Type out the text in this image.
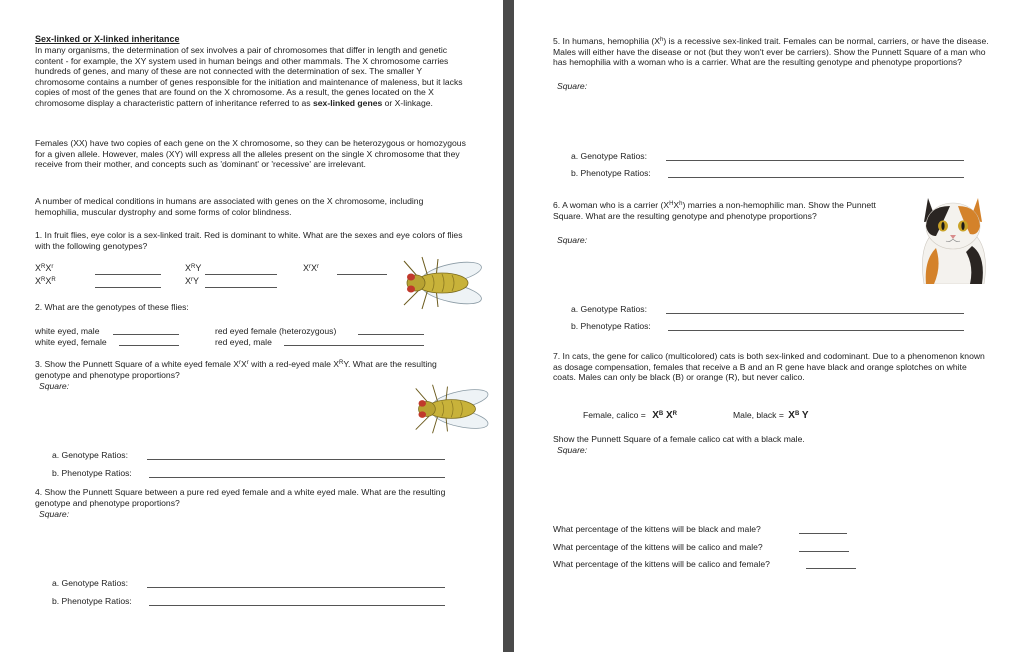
Sex-linked or X-linked inheritance
In many organisms, the determination of sex involves a pair of chromosomes that differ in length and genetic content - for example, the XY system used in human beings and other mammals. The X chromosome carries hundreds of genes, and many of these are not connected with the determination of sex. The smaller Y chromosome contains a number of genes responsible for the initiation and maintenance of maleness, but it lacks copies of most of the genes that are found on the X chromosome. As a result, the genes located on the X chromosome display a characteristic pattern of inheritance referred to as sex-linked genes or X-linkage.
Females (XX) have two copies of each gene on the X chromosome, so they can be heterozygous or homozygous for a given allele. However, males (XY) will express all the alleles present on the single X chromosome that they receive from their mother, and concepts such as 'dominant' or 'recessive' are irrelevant.
A number of medical conditions in humans are associated with genes on the X chromosome, including hemophilia, muscular dystrophy and some forms of color blindness.
1. In fruit flies, eye color is a sex-linked trait. Red is dominant to white. What are the sexes and eye colors of flies with the following genotypes?
$X^RX^r$
$X^RX^R$
$X^RY$
$X^rY$
$X^rX^r$
2. What are the genotypes of these flies:
white eyed, male
white eyed, female
red eyed female (heterozygous)
red eyed, male
3. Show the Punnett Square of a white eyed female $X^rX^r$ with a red-eyed male $X^RY$. What are the resulting genotype and phenotype proportions?
Square:
a. Genotype Ratios:
b. Phenotype Ratios:
4. Show the Punnett Square between a pure red eyed female and a white eyed male. What are the resulting genotype and phenotype proportions?
Square:
a. Genotype Ratios:
b. Phenotype Ratios:
5. In humans, hemophilia $(X^h)$ is a recessive sex-linked trait. Females can be normal, carriers, or have the disease. Males will either have the disease or not (but they won't ever be carriers). Show the Punnett Square of a man who has hemophilia with a woman who is a carrier. What are the resulting genotype and phenotype proportions?
Square:
a. Genotype Ratios:
b. Phenotype Ratios:
6. A woman who is a carrier $(X^HX^h)$ marries a non-hemophilic man. Show the Punnett Square. What are the resulting genotype and phenotype proportions?
Square:
a. Genotype Ratios:
b. Phenotype Ratios:
7. In cats, the gene for calico (multicolored) cats is both sex-linked and codominant. Due to a phenomenon known as dosage compensation, females that receive a B and an R gene have black and orange splotches on white coats. Males can only be black (B) or orange (R), but never calico.
Female, calico = $X^B$ $X^R$	Male, black = $X^B$ Y
Show the Punnett Square of a female calico cat with a black male.
Square:
What percentage of the kittens will be black and male?
What percentage of the kittens will be calico and male?
What percentage of the kittens will be calico and female?
